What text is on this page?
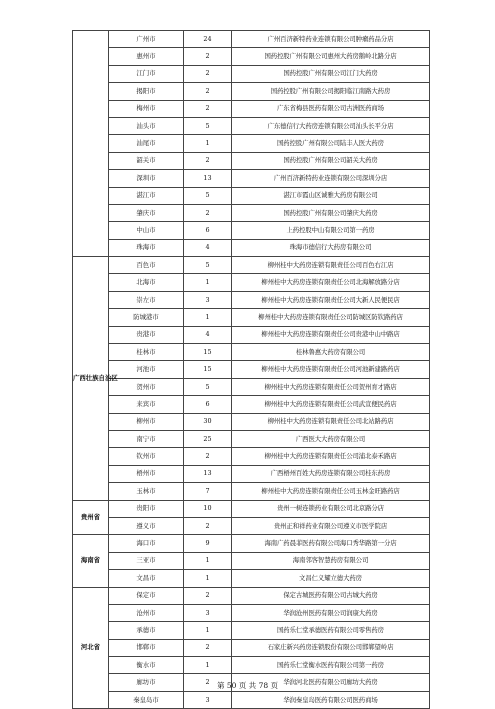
	广州市	24	广州百济新特药业连锁有限公司肿瘤药品分店
	惠州市	2	国药控股广州有限公司惠州大药房鹅岭北路分店
	江门市	2	国药控股广州有限公司江门大药房
	揭阳市	2	国药控股广州有限公司揭阳临江南路大药房
	梅州市	2	广东省梅县医药有限公司古洲医药商场
	汕头市	5	广东德信行大药房连锁有限公司汕头长平分店
	汕尾市	1	国药控股广州有限公司陆丰人医大药房
	韶关市	2	国药控股广州有限公司韶关大药房
	深圳市	13	广州百济新特药业连锁有限公司深圳分店
	湛江市	5	湛江市霞山区诚雅大药房有限公司
	肇庆市	2	国药控股广州有限公司肇庆大药房
	中山市	6	上药控股中山有限公司第一药房
	珠海市	4	珠海市德信行大药房有限公司
广西壮族自治区	百色市	5	柳州桂中大药房连锁有限责任公司百色右江店
	北海市	1	柳州桂中大药房连锁有限责任公司北海解放路分店
	崇左市	3	柳州桂中大药房连锁有限责任公司大新人民便民店
	防城港市	1	柳州桂中大药房连锁有限责任公司防城区防钦路药店
	贵港市	4	柳州桂中大药房连锁有限责任公司贵港中山中路店
	桂林市	15	桂林鲁惠大药房有限公司
	河池市	15	柳州桂中大药房连锁有限责任公司河池新建路药店
	贺州市	5	柳州桂中大药房连锁有限责任公司贺州育才路店
	来宾市	6	柳州桂中大药房连锁有限责任公司武宣便民药店
	柳州市	30	柳州桂中大药房连锁有限责任公司北站路药店
	南宁市	25	广西医大大药房有限公司
	钦州市	2	柳州桂中大药房连锁有限责任公司浦北泰禾路店
	梧州市	13	广西梧州百姓大药房连锁有限公司桂东药房
	玉林市	7	柳州桂中大药房连锁有限责任公司玉林金旺路药店
贵州省	贵阳市	10	贵州一树连锁药业有限公司北京路分店
	遵义市	2	贵州正和祥药业有限公司遵义市医学院店
海南省	海口市	9	海南广药晨菲医药有限公司海口秀华路第一分店
	三亚市	1	海南邻客智慧药房有限公司
	文昌市	1	文昌仁义耀立德大药房
河北省	保定市	2	保定古城医药有限公司古城大药房
	沧州市	3	华润沧州医药有限公司润康大药房
	承德市	1	国药乐仁堂承德医药有限公司零售药房
	邯郸市	2	石家庄新兴药房连锁股份有限公司邯郸望岭店
	衡水市	1	国药乐仁堂衡水医药有限公司第一药房
	廊坊市	2	华润河北医药有限公司廊坊大药房
	秦皇岛市	3	华润秦皇岛医药有限公司医药商场
第 50 页 共 78 页
